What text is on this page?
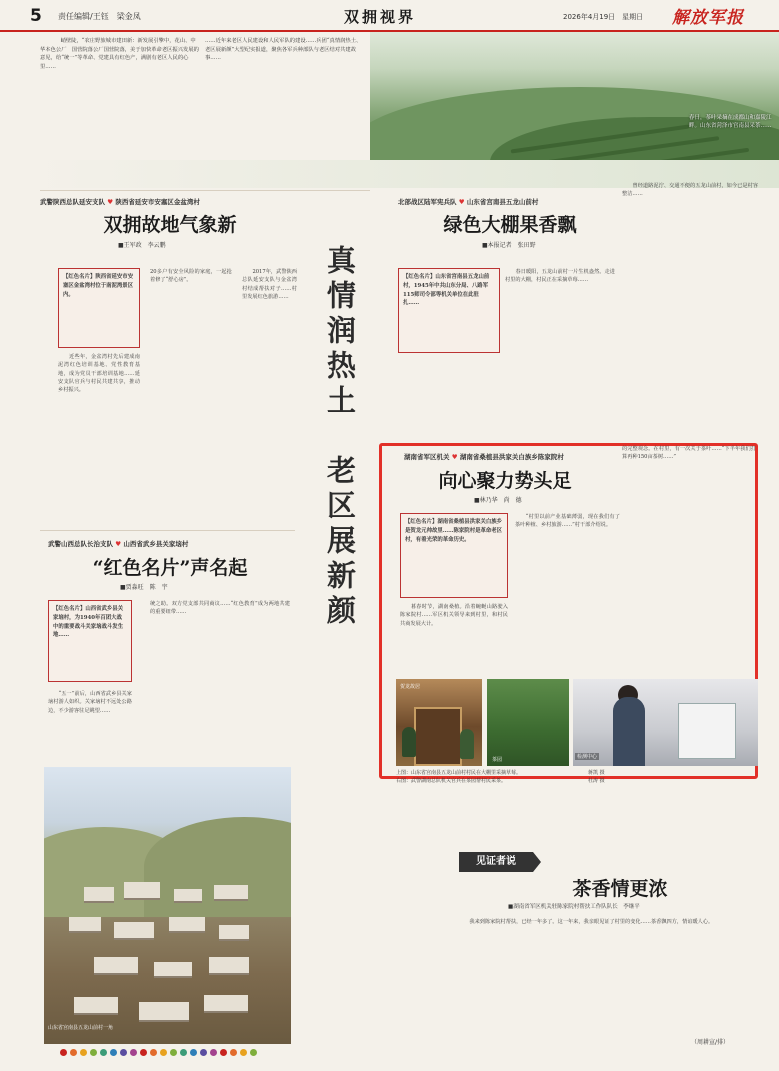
5 责任编辑/王钰　梁金凤	双拥视界	2026年4月19日　星期日 解放军报

　　峭壁陡，“农庄野旅城市建田新：新发展引擎中，花山、中华本色公厂　国营院落公厂国营院落，美于加快革命老区振兴发展的意见，给“统一”等革命、党建具有红色产，满剧有老区人民的心里……

……近年来老区人民建设和人民军队的建设……兵团“真情润热土、老区展新颜”大型纪实报道，聚焦各军兵种部队与老区结对共建故事……

春日，茶叶采摘在成都山和嘉陵江畔。山东省菏泽市宫南县采茶……
武警陕西总队延安支队 ♥ 陕西省延安市安塞区金盆湾村
双拥故地气象新
■王军政　李云鹏
【红色名片】陕西省延安市安塞区金盆湾村位于南泥湾景区内。
　　近些年，金盆湾村先后建成南泥湾红色培训基地、党性教育基地，成为党员干部培训基地……延安支队官兵与村民共建共享，推动乡村振兴。
20多户有安全风险的家庭，一起抢着修了“舒心房”。
　　2017年，武警陕西总队延安支队与金盆湾村结成帮扶对子……村里发展红色旅游……
武警山西总队长治支队 ♥ 山西省武乡县关家垴村
“红色名片”声名起
■贾淼旺　陈　宇
【红色名片】山西省武乡县关家垴村，为1940年百团大战中的重要战斗关家垴战斗发生地……
　　“五一”前后，山西省武乡县关家垴村游人如织。关家垴村不远处公路边，不少游客驻足眺望……
统之助。双方党支部共同商议……“红色教育”成为两地共建的重要纽带……	真情润热土　老区展新颜
北部战区陆军宪兵队 ♥ 山东省宫南县五龙山前村
绿色大棚果香飘
■本报记者　张田野
【红色名片】山东省宫南县五龙山前村，1945年中共山东分局、八路军115师司令部等机关单位在此驻扎……
　　春日暖阳，五龙山前村一片生机盎然。走进村里的大棚，村民正在采摘草莓……
　　曾经道路泥泞、交通不便的五龙山前村，如今已是村容整洁……
湖南省军区机关 ♥ 湖南省桑植县洪家关白族乡陈家院村
向心聚力势头足
■林乃华　尚　德
【红色名片】湖南省桑植县洪家关白族乡是贺龙元帅故里……陈家院村是革命老区村，有着光荣的革命历史。
　　暮春时节，湖南桑植。沿着蜿蜒山路驶入陈家院村……军区机关领导来到村里，和村民共商发展大计。
　　“村里以前产业基础薄弱，现在我们有了茶叶种植、乡村旅游……”村干部介绍说。
的完整观念。在村里，有一次关于茶叶……“下半年我们打算再种150亩茶树……”
贺龙故居
茶园	检测中心
上图：山东省宫南县五龙山前村村民在大棚里采摘草莓。
右图：武警湖南总队机关官兵在茶园帮村民采茶。
蒋凯 摄
杜涛 摄
山东省宫南县五龙山前村一角
见证者说
茶香情更浓
■湖南省军区机关驻陈家院村帮扶工作队队长　李继平
　　我来到陈家院村帮扶，已经一年多了。这一年来，我亲眼见证了村里的变化……茶香飘四方，情谊暖人心。
（周耕宣/排）
